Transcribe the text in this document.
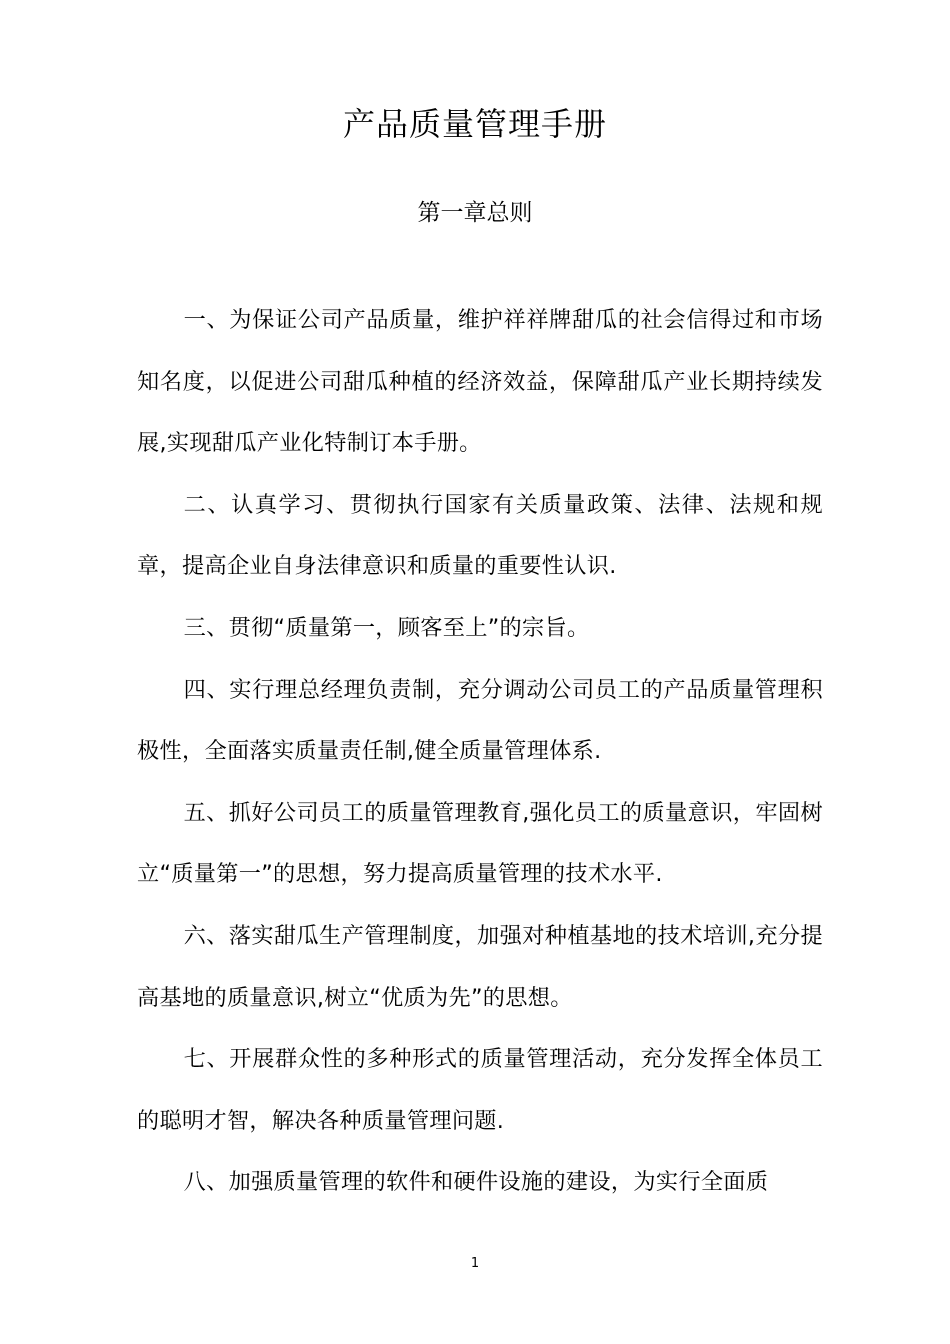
产品质量管理手册
第一章总则

一、为保证公司产品质量，维护祥祥牌甜瓜的社会信得过和市场知名度，以促进公司甜瓜种植的经济效益，保障甜瓜产业长期持续发展,实现甜瓜产业化特制订本手册。

二、认真学习、贯彻执行国家有关质量政策、法律、法规和规章，提高企业自身法律意识和质量的重要性认识.

三、贯彻“质量第一，顾客至上”的宗旨。

四、实行理总经理负责制，充分调动公司员工的产品质量管理积极性，全面落实质量责任制,健全质量管理体系.

五、抓好公司员工的质量管理教育,强化员工的质量意识，牢固树立“质量第一”的思想，努力提高质量管理的技术水平.

六、落实甜瓜生产管理制度，加强对种植基地的技术培训,充分提高基地的质量意识,树立“优质为先”的思想。

七、开展群众性的多种形式的质量管理活动，充分发挥全体员工的聪明才智，解决各种质量管理问题.

八、加强质量管理的软件和硬件设施的建设，为实行全面质

1
